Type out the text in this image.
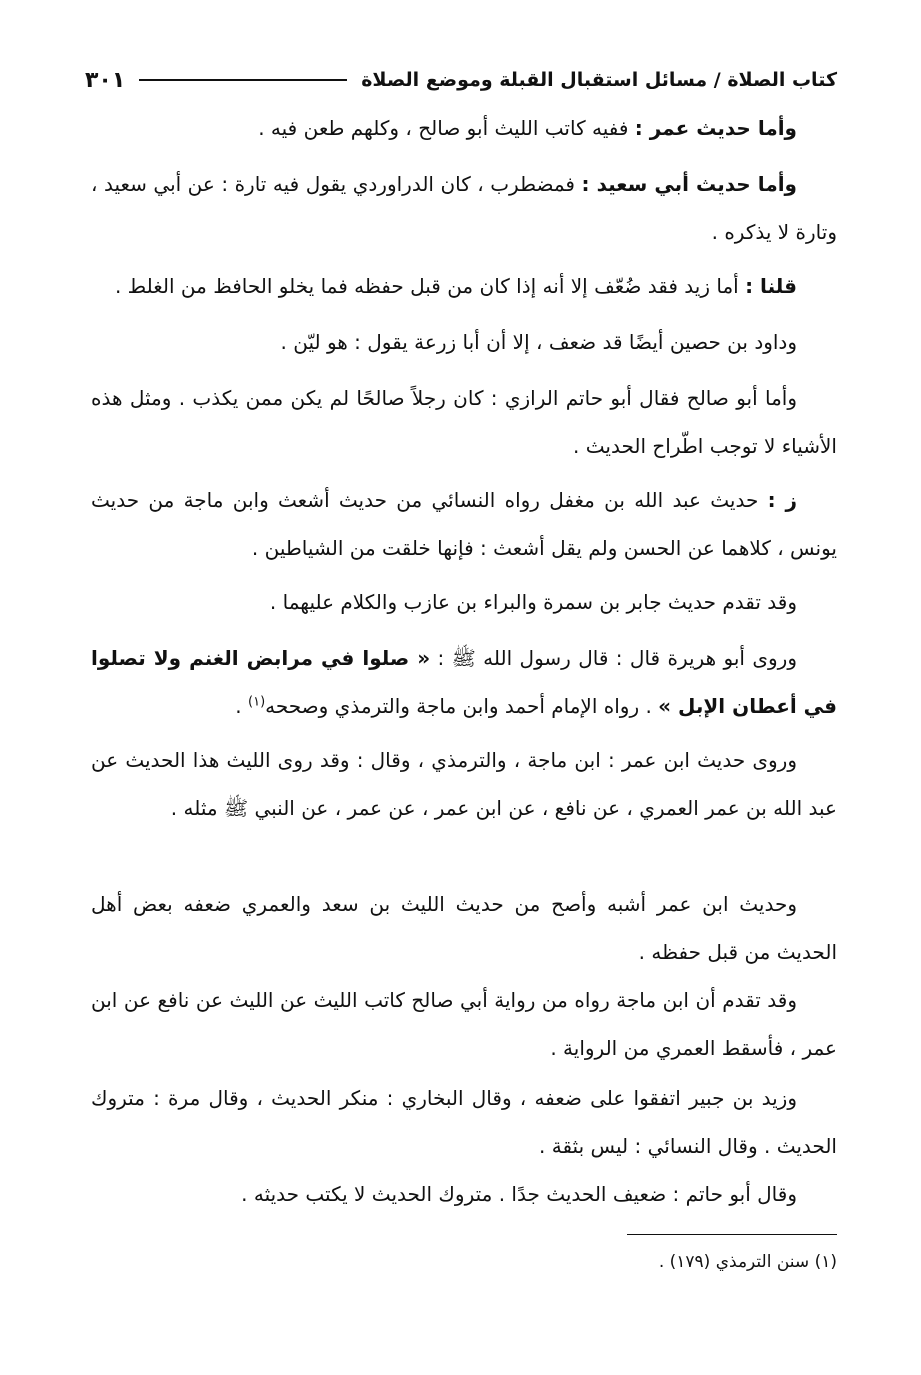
كتاب الصلاة / مسائل استقبال القبلة وموضع الصلاة
٣٠١

وأما حديث عمر : ففيه كاتب الليث أبو صالح ، وكلهم طعن فيه .

وأما حديث أبي سعيد : فمضطرب ، كان الدراوردي يقول فيه تارة : عن أبي سعيد ، وتارة لا يذكره .

قلنا : أما زيد فقد ضُعّف إلا أنه إذا كان من قبل حفظه فما يخلو الحافظ من الغلط .

وداود بن حصين أيضًا قد ضعف ، إلا أن أبا زرعة يقول : هو ليّن .

وأما أبو صالح فقال أبو حاتم الرازي : كان رجلاً صالحًا لم يكن ممن يكذب . ومثل هذه الأشياء لا توجب اطّراح الحديث .

ز : حديث عبد الله بن مغفل رواه النسائي من حديث أشعث وابن ماجة من حديث يونس ، كلاهما عن الحسن ولم يقل أشعث : فإنها خلقت من الشياطين .

وقد تقدم حديث جابر بن سمرة والبراء بن عازب والكلام عليهما .

وروى أبو هريرة قال : قال رسول الله ﷺ : « صلوا في مرابض الغنم ولا تصلوا في أعطان الإبل » . رواه الإمام أحمد وابن ماجة والترمذي وصححه$^{(١)}$ .

وروى حديث ابن عمر : ابن ماجة ، والترمذي ، وقال : وقد روى الليث هذا الحديث عن عبد الله بن عمر العمري ، عن نافع ، عن ابن عمر ، عن عمر ، عن النبي ﷺ مثله .

وحديث ابن عمر أشبه وأصح من حديث الليث بن سعد والعمري ضعفه بعض أهل الحديث من قبل حفظه .

وقد تقدم أن ابن ماجة رواه من رواية أبي صالح كاتب الليث عن الليث عن نافع عن ابن عمر ، فأسقط العمري من الرواية .

وزيد بن جبير اتفقوا على ضعفه ، وقال البخاري : منكر الحديث ، وقال مرة : متروك الحديث . وقال النسائي : ليس بثقة .

وقال أبو حاتم : ضعيف الحديث جدًا . متروك الحديث لا يكتب حديثه .

(١) سنن الترمذي (١٧٩) .
